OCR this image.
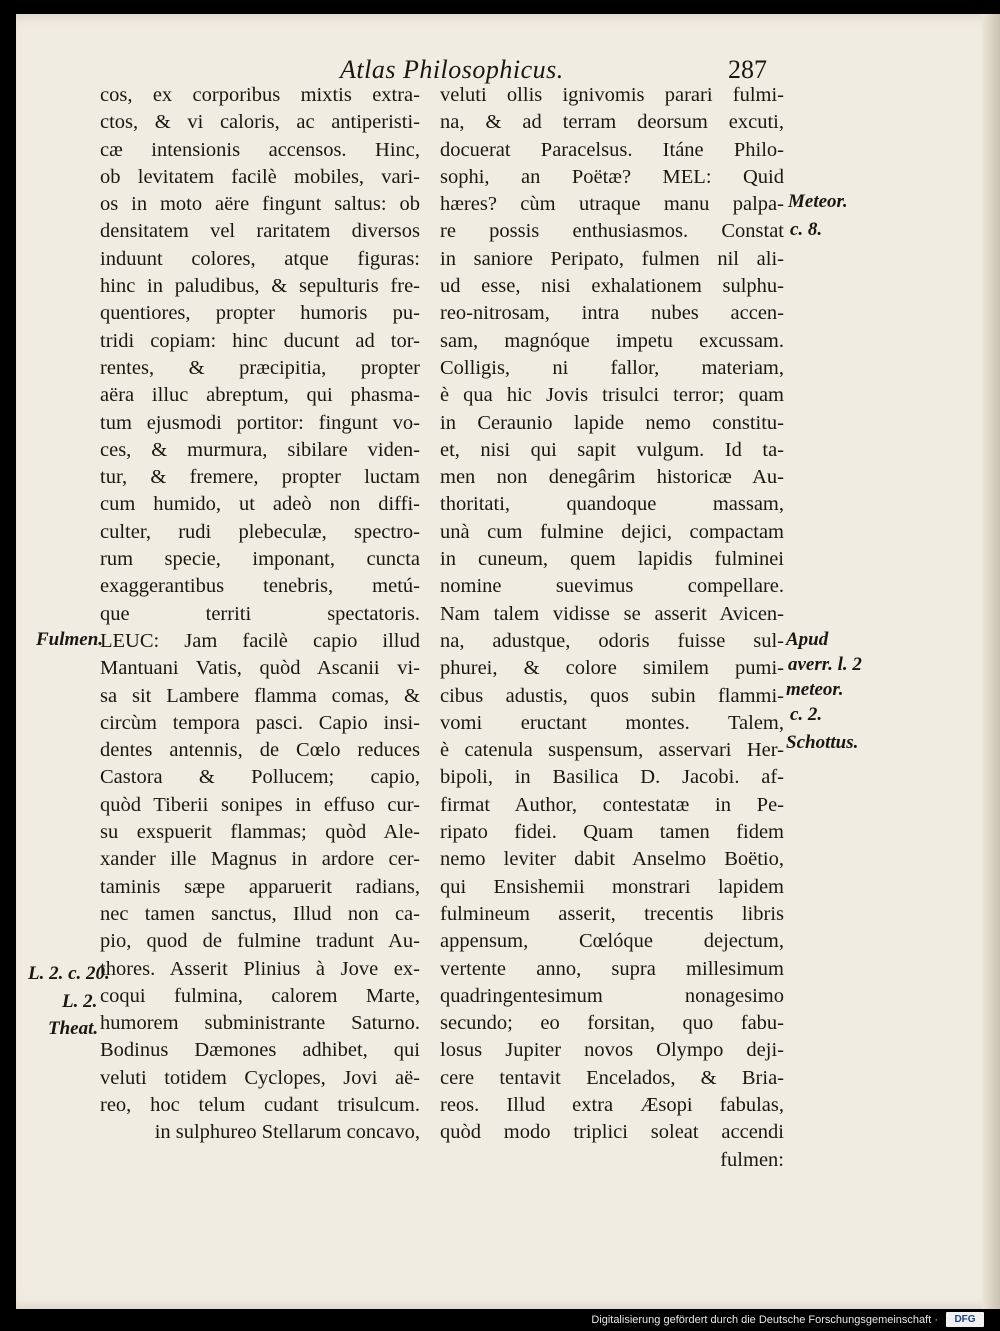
Atlas Philosophicus.	287
cos, ex corporibus mixtis extra-
ctos, & vi caloris, ac antiperisti-
cæ intensionis accensos. Hinc,
ob levitatem facilè mobiles, vari-
os in moto aëre fingunt saltus: ob
densitatem vel raritatem diversos
induunt colores, atque figuras:
hinc in paludibus, & sepulturis fre-
quentiores, propter humoris pu-
tridi copiam: hinc ducunt ad tor-
rentes, & præcipitia, propter
aëra illuc abreptum, qui phasma-
tum ejusmodi portitor: fingunt vo-
ces, & murmura, sibilare viden-
tur, & fremere, propter luctam
cum humido, ut adeò non diffi-
culter, rudi plebeculæ, spectro-
rum specie, imponant, cuncta
exaggerantibus tenebris, metú-
que territi spectatoris.
LEUC: Jam facilè capio illud
Mantuani Vatis, quòd Ascanii vi-
sa sit Lambere flamma comas, &
circùm tempora pasci. Capio insi-
dentes antennis, de Cœlo reduces
Castora & Pollucem; capio,
quòd Tiberii sonipes in effuso cur-
su exspuerit flammas; quòd Ale-
xander ille Magnus in ardore cer-
taminis sæpe apparuerit radians,
nec tamen sanctus, Illud non ca-
pio, quod de fulmine tradunt Au-
thores. Asserit Plinius à Jove ex-
coqui fulmina, calorem Marte,
humorem subministrante Saturno.
Bodinus Dæmones adhibet, qui
veluti totidem Cyclopes, Jovi aë-
reo, hoc telum cudant trisulcum.
in sulphureo Stellarum concavo,
veluti ollis ignivomis parari fulmi-
na, & ad terram deorsum excuti,
docuerat Paracelsus. Itáne Philo-
sophi, an Poëtæ? MEL: Quid
hæres? cùm utraque manu palpa-
re possis enthusiasmos. Constat
in saniore Peripato, fulmen nil ali-
ud esse, nisi exhalationem sulphu-
reo-nitrosam, intra nubes accen-
sam, magnóque impetu excussam.
Colligis, ni fallor, materiam,
è qua hic Jovis trisulci terror; quam
in Ceraunio lapide nemo constitu-
et, nisi qui sapit vulgum. Id ta-
men non denegârim historicæ Au-
thoritati, quandoque massam,
unà cum fulmine dejici, compactam
in cuneum, quem lapidis fulminei
nomine suevimus compellare.
Nam talem vidisse se asserit Avicen-
na, adustque, odoris fuisse sul-
phurei, & colore similem pumi-
cibus adustis, quos subin flammi-
vomi eructant montes. Talem,
è catenula suspensum, asservari Her-
bipoli, in Basilica D. Jacobi. af-
firmat Author, contestatæ in Pe-
ripato fidei. Quam tamen fidem
nemo leviter dabit Anselmo Boëtio,
qui Ensishemii monstrari lapidem
fulmineum asserit, trecentis libris
appensum, Cœlóque dejectum,
vertente anno, supra millesimum
quadringentesimum nonagesimo
secundo; eo forsitan, quo fabu-
losus Jupiter novos Olympo deji-
cere tentavit Encelados, & Bria-
reos. Illud extra Æsopi fabulas,
quòd modo triplici soleat accendi
fulmen:
Meteor.
c. 8.
Fulmen.	Apud
averr. l. 2
meteor.
c. 2.
Schottus.
L. 2. c. 20.
L. 2.
Theat.
Digitalisierung gefördert durch die Deutsche Forschungsgemeinschaft ·	DFG
